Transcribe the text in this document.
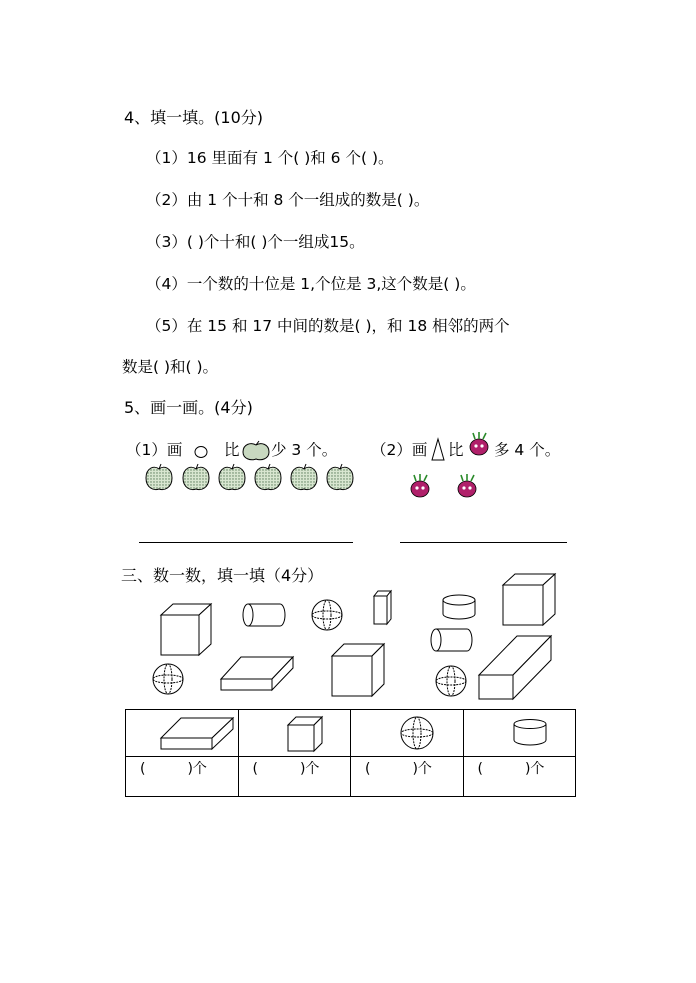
4、填一填。(10分)
（1）16 里面有 1 个( )和 6 个( )。
（2）由 1 个十和 8 个一组成的数是( )。
（3）( )个十和( )个一组成15。
（4）一个数的十位是 1,个位是 3,这个数是( )。
（5）在 15 和 17 中间的数是( )，和 18 相邻的两个
数是( )和( )。
5、画一画。(4分)
（1）画	比 少 3 个。 （2）画 比 多 4 个。
三、数一数，填一填（4分）

( )个	( )个	( )个	( )个
